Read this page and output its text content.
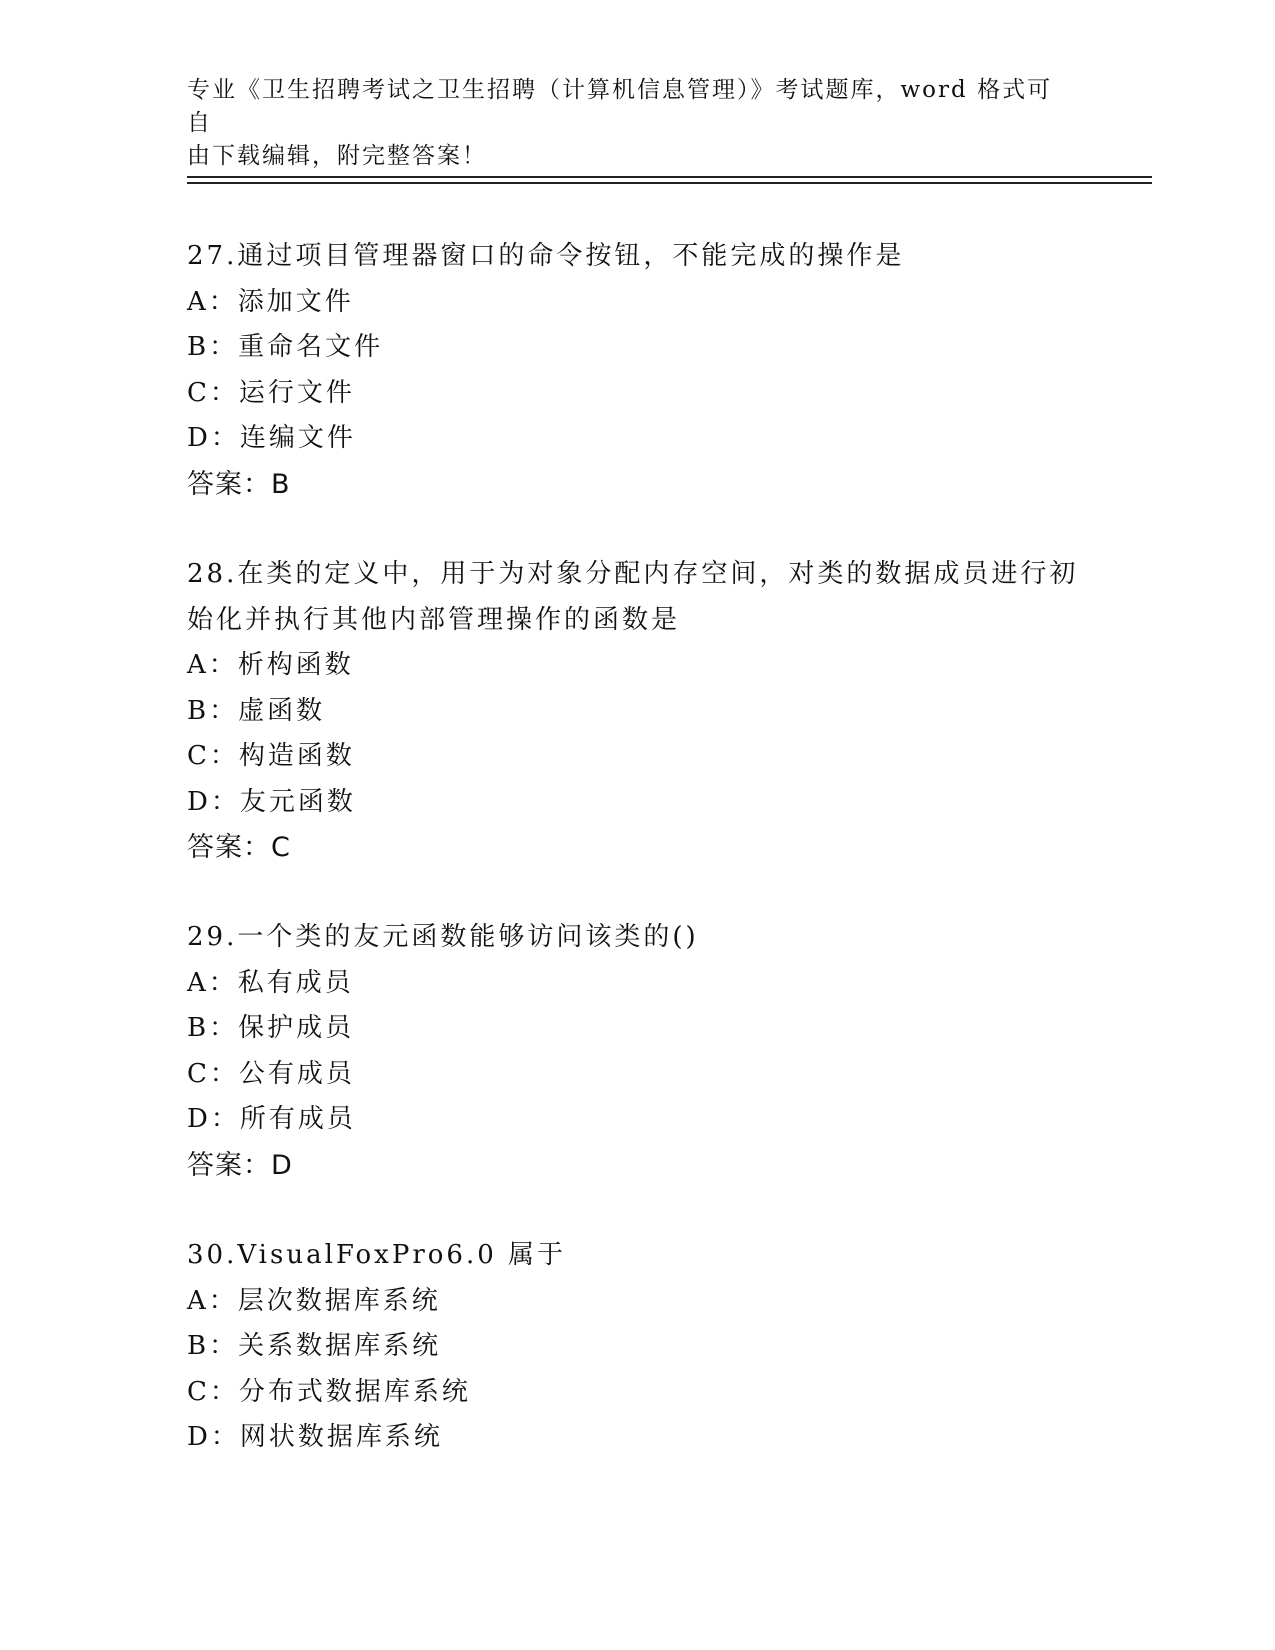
专业《卫生招聘考试之卫生招聘（计算机信息管理）》考试题库，word 格式可自
由下载编辑，附完整答案！
27.通过项目管理器窗口的命令按钮，不能完成的操作是
A：添加文件
B：重命名文件
C：运行文件
D：连编文件
答案：B
28.在类的定义中，用于为对象分配内存空间，对类的数据成员进行初
始化并执行其他内部管理操作的函数是
A：析构函数
B：虚函数
C：构造函数
D：友元函数
答案：C
29.一个类的友元函数能够访问该类的()
A：私有成员
B：保护成员
C：公有成员
D：所有成员
答案：D
30.VisualFoxPro6.0 属于
A：层次数据库系统
B：关系数据库系统
C：分布式数据库系统
D：网状数据库系统
